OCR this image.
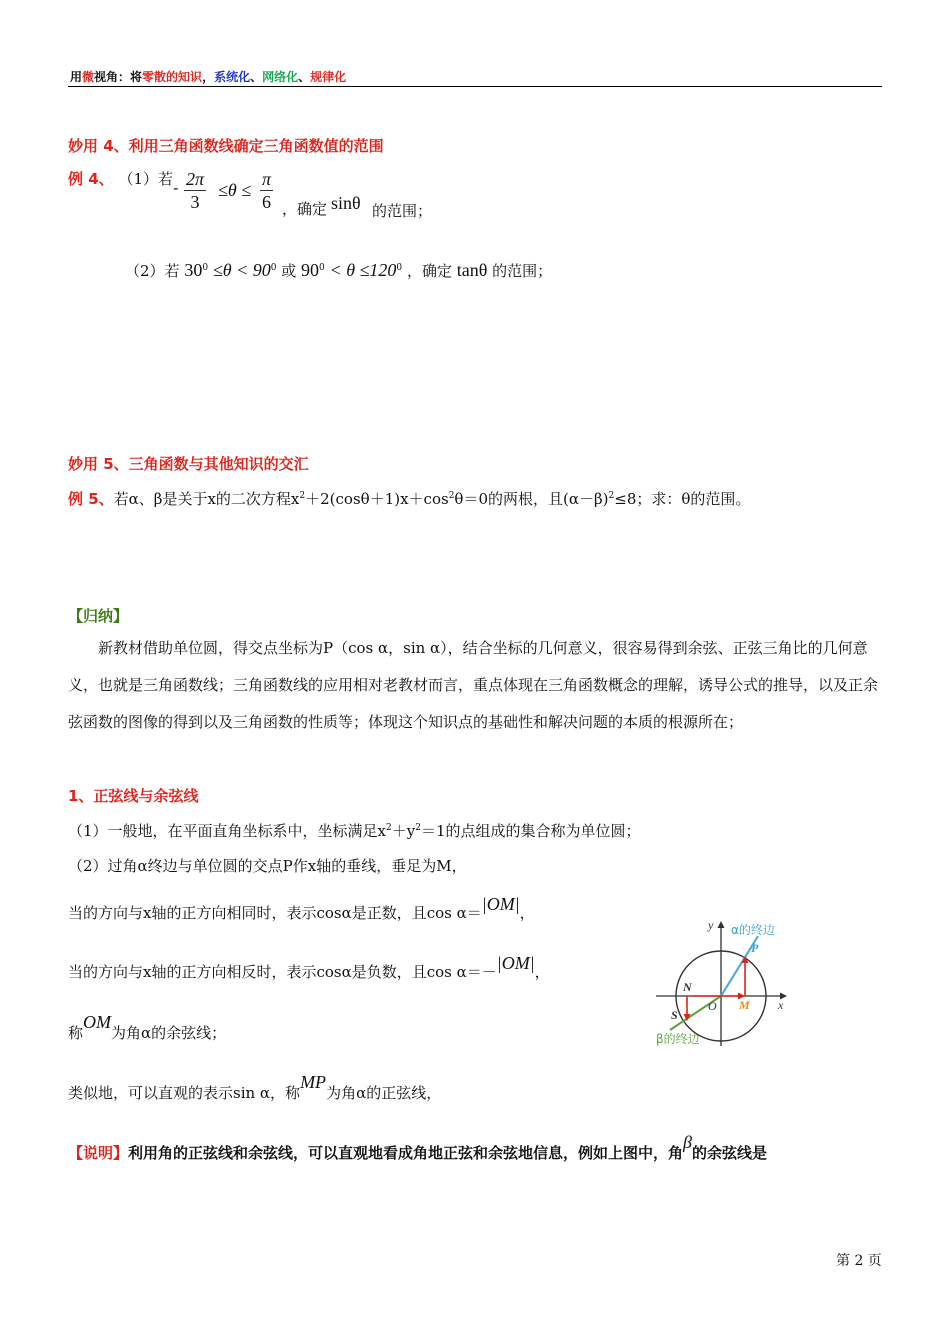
用微视角：将零散的知识，系统化、网络化、规律化
妙用 4、利用三角函数线确定三角函数值的范围
例 4、 （1）若 - $\frac{2\pi}{3} \le\theta \le \frac{\pi}{6}$ ，确定 sinθ 的范围；
（2）若 $30^0 \le\theta < 90^0$ 或 $90^0 < \theta \le 120^0$ ，确定 tanθ 的范围；
妙用 5、三角函数与其他知识的交汇
例 5、若α、β是关于x的二次方程$x^2+2(\cos\theta+1)x+\cos^2\theta=0$的两根，且$(\alpha-\beta)^2\le 8$；求：θ的范围。
【归纳】
新教材借助单位圆，得交点坐标为P（cos α，sin α），结合坐标的几何意义，很容易得到余弦、正弦三角比的几何意义，也就是三角函数线；三角函数线的应用相对老教材而言，重点体现在三角函数概念的理解，诱导公式的推导，以及正余弦函数的图像的得到以及三角函数的性质等；体现这个知识点的基础性和解决问题的本质的根源所在；
1、正弦线与余弦线
（1）一般地，在平面直角坐标系中，坐标满足$x^2+y^2=1$的点组成的集合称为单位圆；
（2）过角α终边与单位圆的交点P作x轴的垂线，垂足为M，
当的方向与x轴的正方向相同时，表示cosα是正数，且cos α＝|OM|，
当的方向与x轴的正方向相反时，表示cosα是负数，且cos α＝－|OM|，
称OM为角α的余弦线；
类似地，可以直观的表示sin α，称MP为角α的正弦线，
【说明】利用角的正弦线和余弦线，可以直观地看成角地正弦和余弦地信息，例如上图中，角β的余弦线是
y
x
α的终边
β的终边
P
M
N
O
S
第 2 页
